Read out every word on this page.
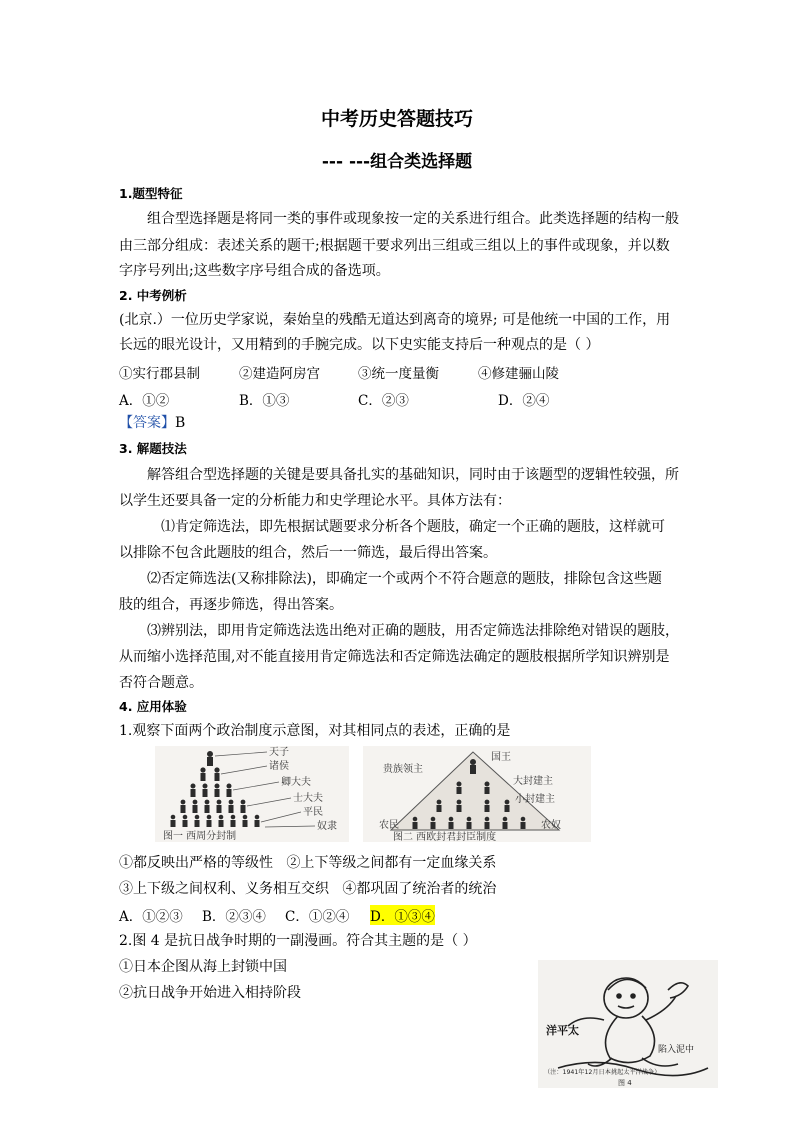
中考历史答题技巧
--- ---组合类选择题
1.题型特征
组合型选择题是将同一类的事件或现象按一定的关系进行组合。此类选择题的结构一般
由三部分组成：表述关系的题干;根据题干要求列出三组或三组以上的事件或现象，并以数
字序号列出;这些数字序号组合成的备选项。
2. 中考例析
(北京.）一位历史学家说，秦始皇的残酷无道达到离奇的境界; 可是他统一中国的工作，用
长远的眼光设计，又用精到的手腕完成。以下史实能支持后一种观点的是（ ）
①实行郡县制	②建造阿房宫	③统一度量衡	④修建骊山陵
A．①②	B．①③	C．②③	D．②④
【答案】B
3. 解题技法
解答组合型选择题的关键是要具备扎实的基础知识，同时由于该题型的逻辑性较强，所
以学生还要具备一定的分析能力和史学理论水平。具体方法有：
⑴肯定筛选法，即先根据试题要求分析各个题肢，确定一个正确的题肢，这样就可
以排除不包含此题肢的组合，然后一一筛选，最后得出答案。
⑵否定筛选法(又称排除法)，即确定一个或两个不符合题意的题肢，排除包含这些题
肢的组合，再逐步筛选，得出答案。
⑶辨别法，即用肯定筛选法选出绝对正确的题肢，用否定筛选法排除绝对错误的题肢，
从而缩小选择范围,对不能直接用肯定筛选法和否定筛选法确定的题肢根据所学知识辨别是
否符合题意。
4. 应用体验
1.观察下面两个政治制度示意图，对其相同点的表述，正确的是
天子
诸侯
卿大夫
士大夫
平民
奴隶
图一 西周分封制
国王
贵族领主
大封建主
小封建主
农民	农奴
图二 西欧封君封臣制度
①都反映出严格的等级性 ②上下等级之间都有一定血缘关系
③上下级之间权利、义务相互交织 ④都巩固了统治者的统治
A．①②③ B．②③④ C．①②④ D．①③④
2.图 4 是抗日战争时期的一副漫画。符合其主题的是（ ）
①日本企图从海上封锁中国
②抗日战争开始进入相持阶段
洋平太
陷入泥中
（注：1941年12月日本挑起太平洋战争）
图 4
